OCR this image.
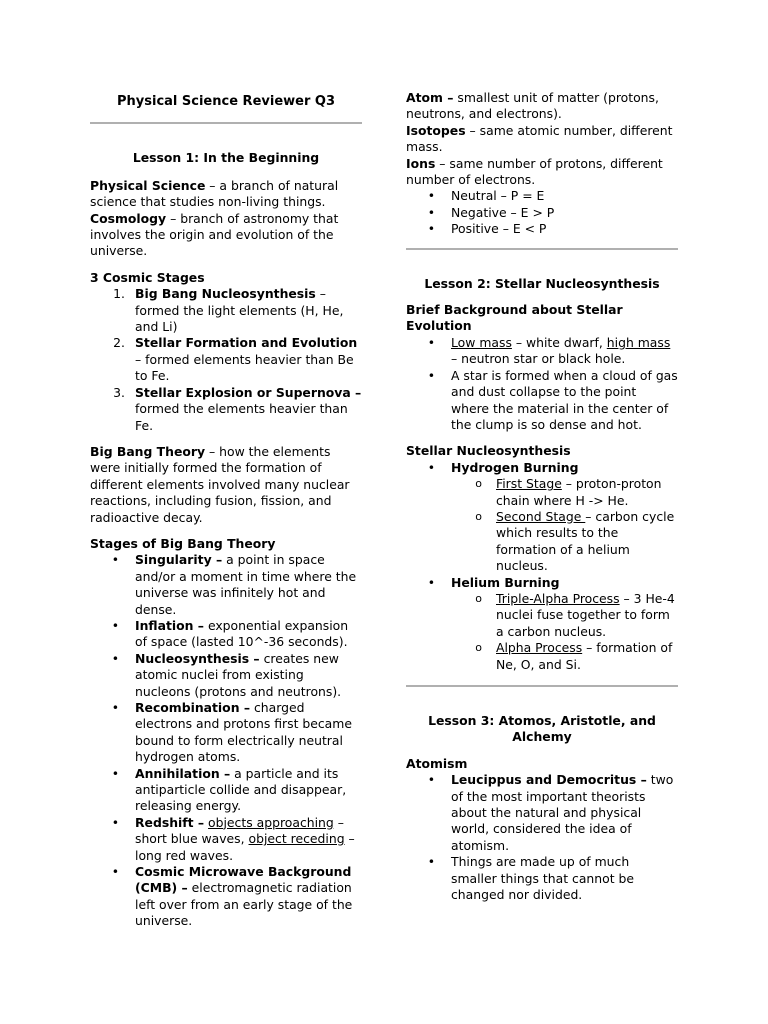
Physical Science Reviewer Q3

Lesson 1: In the Beginning

Physical Science – a branch of natural science that studies non-living things.

Cosmology – branch of astronomy that involves the origin and evolution of the universe.

3 Cosmic Stages

1. Big Bang Nucleosynthesis – formed the light elements (H, He, and Li)
2. Stellar Formation and Evolution – formed elements heavier than Be to Fe.
3. Stellar Explosion or Supernova – formed the elements heavier than Fe.

Big Bang Theory – how the elements were initially formed the formation of different elements involved many nuclear reactions, including fusion, fission, and radioactive decay.

Stages of Big Bang Theory

•	Singularity – a point in space and/or a moment in time where the universe was infinitely hot and dense.
•	Inflation – exponential expansion of space (lasted 10^-36 seconds).
•	Nucleosynthesis – creates new atomic nuclei from existing nucleons (protons and neutrons).
•	Recombination – charged electrons and protons first became bound to form electrically neutral hydrogen atoms.
•	Annihilation – a particle and its antiparticle collide and disappear, releasing energy.
•	Redshift – objects approaching – short blue waves, object receding – long red waves.
•	Cosmic Microwave Background (CMB) – electromagnetic radiation left over from an early stage of the universe.

Atom – smallest unit of matter (protons, neutrons, and electrons).

Isotopes – same atomic number, different mass.

Ions – same number of protons, different number of electrons.

•	Neutral – P = E
•	Negative – E > P
•	Positive – E < P

Lesson 2: Stellar Nucleosynthesis

Brief Background about Stellar Evolution

•	Low mass – white dwarf, high mass – neutron star or black hole.
•	A star is formed when a cloud of gas and dust collapse to the point where the material in the center of the clump is so dense and hot.

Stellar Nucleosynthesis

•	Hydrogen Burning
o	First Stage – proton-proton chain where H -> He.
o	Second Stage – carbon cycle which results to the formation of a helium nucleus.
•	Helium Burning
o	Triple-Alpha Process – 3 He-4 nuclei fuse together to form a carbon nucleus.
o	Alpha Process – formation of Ne, O, and Si.

Lesson 3: Atomos, Aristotle, and Alchemy

Atomism

•	Leucippus and Democritus – two of the most important theorists about the natural and physical world, considered the idea of atomism.
•	Things are made up of much smaller things that cannot be changed nor divided.
